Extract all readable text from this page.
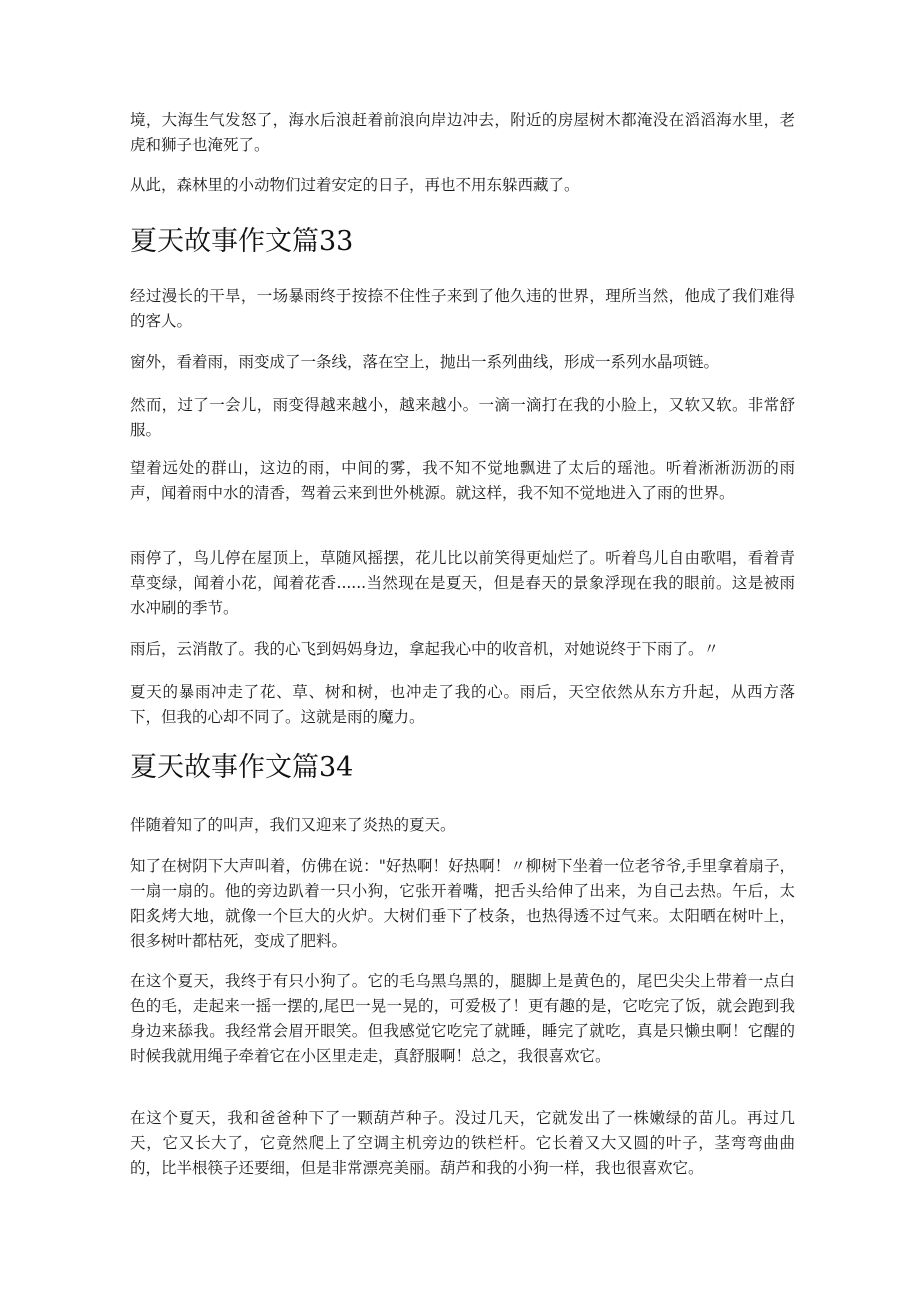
境，大海生气发怒了，海水后浪赶着前浪向岸边冲去，附近的房屋树木都淹没在滔滔海水里，老虎和狮子也淹死了。

从此，森林里的小动物们过着安定的日子，再也不用东躲西藏了。

夏天故事作文篇33

经过漫长的干旱，一场暴雨终于按捺不住性子来到了他久违的世界，理所当然，他成了我们难得的客人。

窗外，看着雨，雨变成了一条线，落在空上，抛出一系列曲线，形成一系列水晶项链。

然而，过了一会儿，雨变得越来越小，越来越小。一滴一滴打在我的小脸上，又软又软。非常舒服。

望着远处的群山，这边的雨，中间的雾，我不知不觉地飘进了太后的瑶池。听着淅淅沥沥的雨声，闻着雨中水的清香，驾着云来到世外桃源。就这样，我不知不觉地进入了雨的世界。

雨停了，鸟儿停在屋顶上，草随风摇摆，花儿比以前笑得更灿烂了。听着鸟儿自由歌唱，看着青草变绿，闻着小花，闻着花香......当然现在是夏天，但是春天的景象浮现在我的眼前。这是被雨水冲刷的季节。

雨后，云消散了。我的心飞到妈妈身边，拿起我心中的收音机，对她说终于下雨了。〃

夏天的暴雨冲走了花、草、树和树，也冲走了我的心。雨后，天空依然从东方升起，从西方落下，但我的心却不同了。这就是雨的魔力。

夏天故事作文篇34

伴随着知了的叫声，我们又迎来了炎热的夏天。

知了在树阴下大声叫着，仿佛在说："好热啊！好热啊！〃柳树下坐着一位老爷爷,手里拿着扇子，一扇一扇的。他的旁边趴着一只小狗，它张开着嘴，把舌头给伸了出来，为自己去热。午后，太阳炙烤大地，就像一个巨大的火炉。大树们垂下了枝条，也热得透不过气来。太阳晒在树叶上，很多树叶都枯死，变成了肥料。

在这个夏天，我终于有只小狗了。它的毛乌黑乌黑的，腿脚上是黄色的，尾巴尖尖上带着一点白色的毛，走起来一摇一摆的,尾巴一晃一晃的，可爱极了！更有趣的是，它吃完了饭，就会跑到我身边来舔我。我经常会眉开眼笑。但我感觉它吃完了就睡，睡完了就吃，真是只懒虫啊！它醒的时候我就用绳子牵着它在小区里走走，真舒服啊！总之，我很喜欢它。

在这个夏天，我和爸爸种下了一颗葫芦种子。没过几天，它就发出了一株嫩绿的苗儿。再过几天，它又长大了，它竟然爬上了空调主机旁边的铁栏杆。它长着又大又圆的叶子，茎弯弯曲曲的，比半根筷子还要细，但是非常漂亮美丽。葫芦和我的小狗一样，我也很喜欢它。
